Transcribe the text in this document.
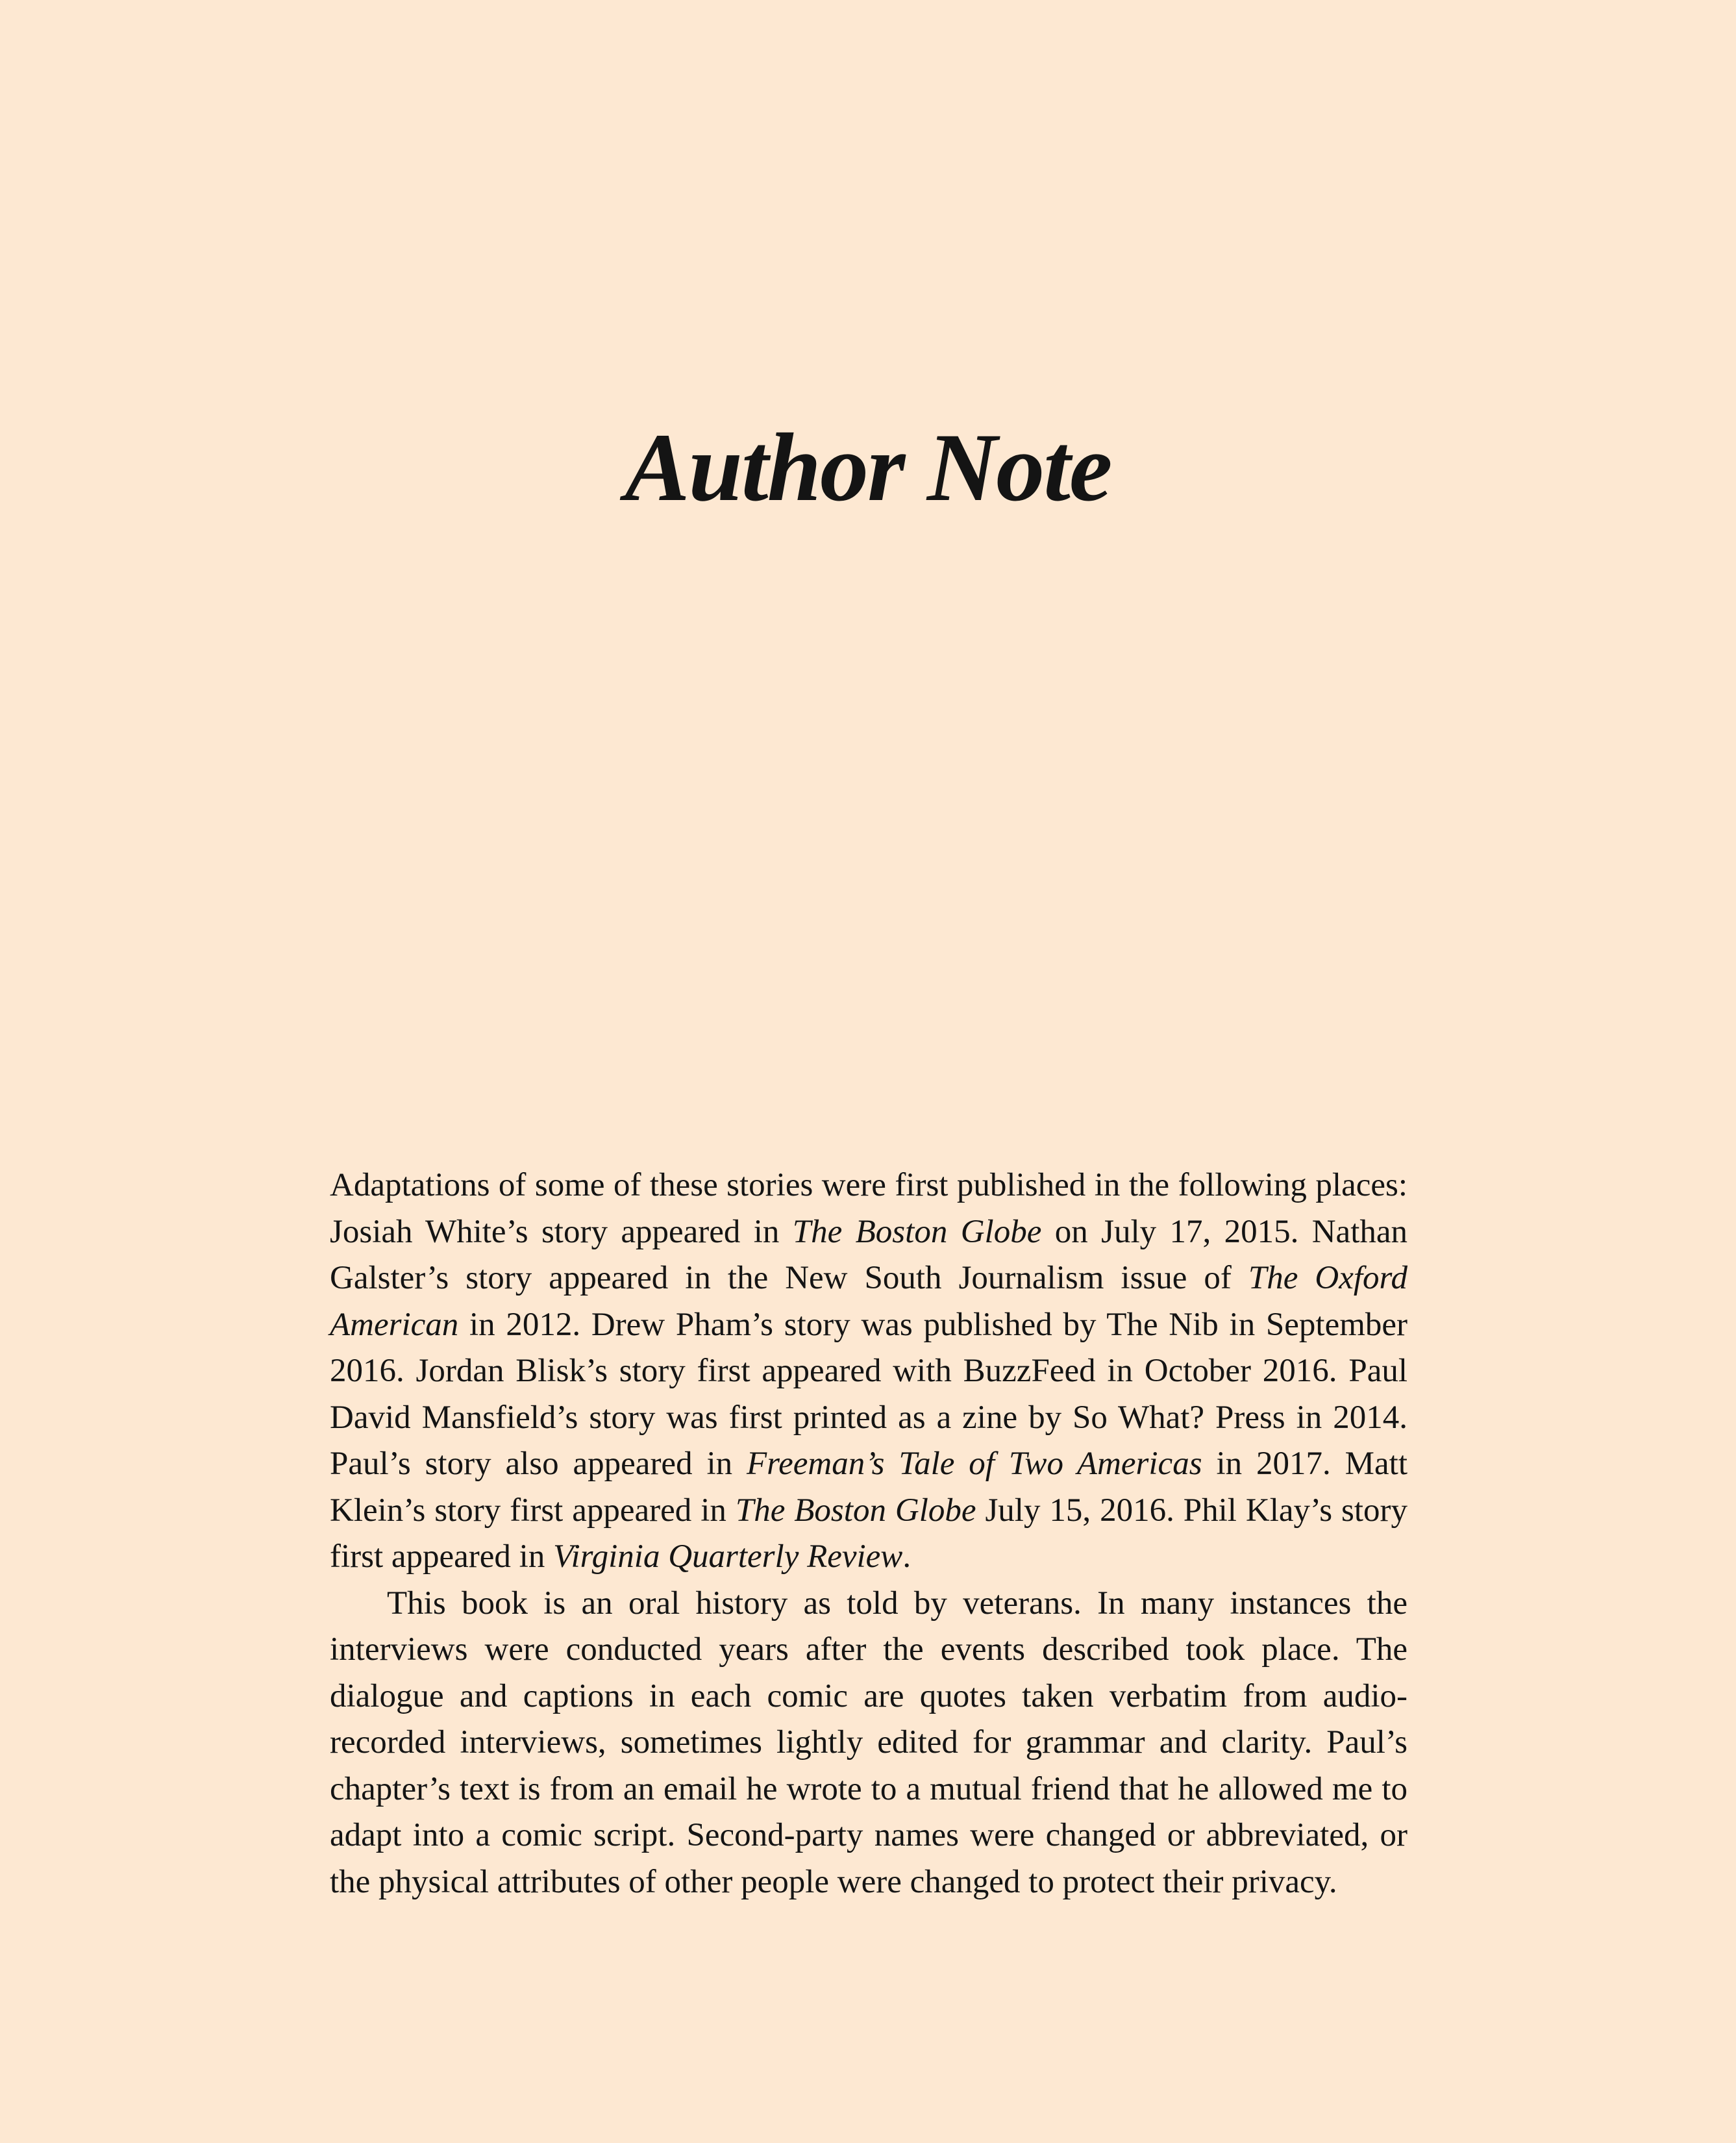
Author Note

Adaptations of some of these stories were first published in the following places: Josiah White’s story appeared in The Boston Globe on July 17, 2015. Nathan Galster’s story appeared in the New South Journalism issue of The Oxford American in 2012. Drew Pham’s story was published by The Nib in September 2016. Jordan Blisk’s story first appeared with BuzzFeed in October 2016. Paul David Mansfield’s story was first printed as a zine by So What? Press in 2014. Paul’s story also appeared in Freeman’s Tale of Two Americas in 2017. Matt Klein’s story first appeared in The Boston Globe July 15, 2016. Phil Klay’s story first appeared in Virginia Quarterly Review.

This book is an oral history as told by veterans. In many instances the interviews were conducted years after the events described took place. The dialogue and captions in each comic are quotes taken verbatim from audio-recorded interviews, sometimes lightly edited for grammar and clarity. Paul’s chapter’s text is from an email he wrote to a mutual friend that he allowed me to adapt into a comic script. Second-party names were changed or abbreviated, or the physical attributes of other people were changed to protect their privacy.
